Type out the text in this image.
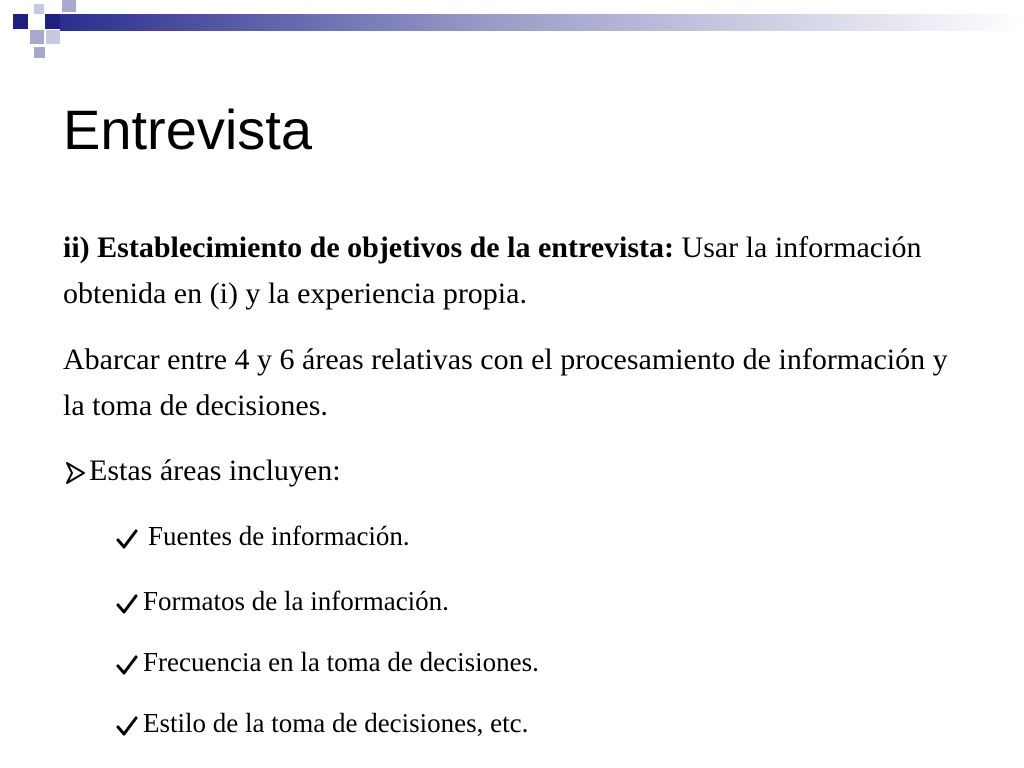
Entrevista

ii) Establecimiento de objetivos de la entrevista: Usar la información obtenida en (i) y la experiencia propia.

Abarcar entre 4 y 6 áreas relativas con el procesamiento de información y la toma de decisiones.

Estas áreas incluyen:
Fuentes de información.
Formatos de la información.
Frecuencia en la toma de decisiones.
Estilo de la toma de decisiones, etc.
